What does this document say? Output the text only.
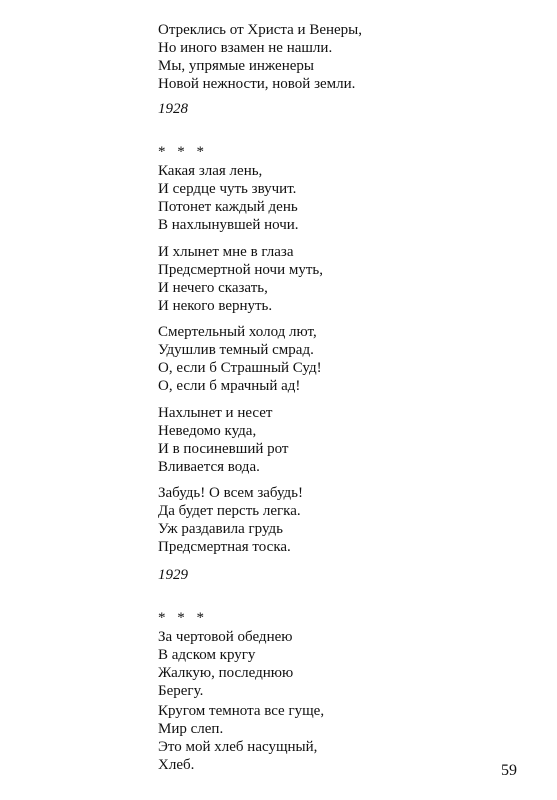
Отреклись от Христа и Венеры,
Но иного взамен не нашли.
Мы, упрямые инженеры
Новой нежности, новой земли.
1928
* * *
Какая злая лень,
И сердце чуть звучит.
Потонет каждый день
В нахлынувшей ночи.
И хлынет мне в глаза
Предсмертной ночи муть,
И нечего сказать,
И некого вернуть.
Смертельный холод лют,
Удушлив темный смрад.
О, если б Страшный Суд!
О, если б мрачный ад!
Нахлынет и несет
Неведомо куда,
И в посиневший рот
Вливается вода.
Забудь! О всем забудь!
Да будет персть легка.
Уж раздавила грудь
Предсмертная тоска.
1929
* * *
За чертовой обеднею
В адском кругу
Жалкую, последнюю
Берегу.
Кругом темнота все гуще,
Мир слеп.
Это мой хлеб насущный,
Хлеб.	59
